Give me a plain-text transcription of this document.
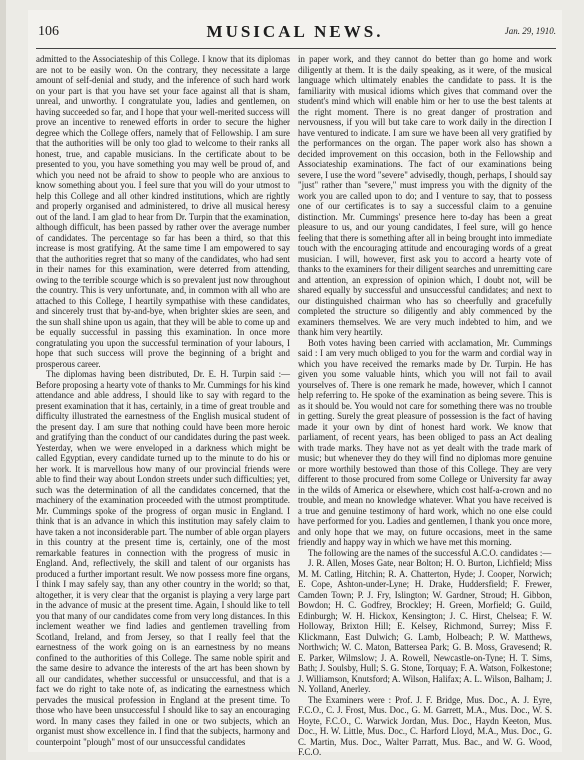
106	MUSICAL NEWS.	Jan. 29, 1910.

admitted to the Associateship of this College. I know that its diplomas are not to be easily won. On the contrary, they necessitate a large amount of self-denial and study, and the inference of such hard work on your part is that you have set your face against all that is sham, unreal, and unworthy. I congratulate you, ladies and gentlemen, on having succeeded so far, and I hope that your well-merited success will prove an incentive to renewed efforts in order to secure the higher degree which the College offers, namely that of Fellowship. I am sure that the authorities will be only too glad to welcome to their ranks all honest, true, and capable musicians. In the certificate about to be presented to you, you have something you may well be proud of, and which you need not be afraid to show to people who are anxious to know something about you. I feel sure that you will do your utmost to help this College and all other kindred institutions, which are rightly and properly organised and administered, to drive all musical heresy out of the land. I am glad to hear from Dr. Turpin that the examination, although difficult, has been passed by rather over the average number of candidates. The percentage so far has been a third, so that this increase is most gratifying. At the same time I am empowered to say that the authorities regret that so many of the candidates, who had sent in their names for this examination, were deterred from attending, owing to the terrible scourge which is so prevalent just now throughout the country. This is very unfortunate, and, in common with all who are attached to this College, I heartily sympathise with these candidates, and sincerely trust that by-and-bye, when brighter skies are seen, and the sun shall shine upon us again, that they will be able to come up and be equally successful in passing this examination. In once more congratulating you upon the successful termination of your labours, I hope that such success will prove the beginning of a bright and prosperous career.

The diplomas having been distributed, Dr. E. H. Turpin said :—Before proposing a hearty vote of thanks to Mr. Cummings for his kind attendance and able address, I should like to say with regard to the present examination that it has, certainly, in a time of great trouble and difficulty illustrated the earnestness of the English musical student of the present day. I am sure that nothing could have been more heroic and gratifying than the conduct of our candidates during the past week. Yesterday, when we were enveloped in a darkness which might be called Egyptian, every candidate turned up to the minute to do his or her work. It is marvellous how many of our provincial friends were able to find their way about London streets under such difficulties; yet, such was the determination of all the candidates concerned, that the machinery of the examination proceeded with the utmost promptitude. Mr. Cummings spoke of the progress of organ music in England. I think that is an advance in which this institution may safely claim to have taken a not inconsiderable part. The number of able organ players in this country at the present time is, certainly, one of the most remarkable features in connection with the progress of music in England. And, reflectively, the skill and talent of our organists has produced a further important result. We now possess more fine organs, I think I may safely say, than any other country in the world; so that, altogether, it is very clear that the organist is playing a very large part in the advance of music at the present time. Again, I should like to tell you that many of our candidates come from very long distances. In this inclement weather we find ladies and gentlemen travelling from Scotland, Ireland, and from Jersey, so that I really feel that the earnestness of the work going on is an earnestness by no means confined to the authorities of this College. The same noble spirit and the same desire to advance the interests of the art has been shown by all our candidates, whether successful or unsuccessful, and that is a fact we do right to take note of, as indicating the earnestness which pervades the musical profession in England at the present time. To those who have been unsuccessful I should like to say an encouraging word. In many cases they failed in one or two subjects, which an organist must show excellence in. I find that the subjects, harmony and counterpoint "plough" most of our unsuccessful candidates

in paper work, and they cannot do better than go home and work diligently at them. It is the daily speaking, as it were, of the musical language which ultimately enables the candidate to pass. It is the familiarity with musical idioms which gives that command over the student's mind which will enable him or her to use the best talents at the right moment. There is no great danger of prostration and nervousness, if you will but take care to work daily in the direction I have ventured to indicate. I am sure we have been all very gratified by the performances on the organ. The paper work also has shown a decided improvement on this occasion, both in the Fellowship and Associateship examinations. The fact of our examinations being severe, I use the word "severe" advisedly, though, perhaps, I should say "just" rather than "severe," must impress you with the dignity of the work you are called upon to do; and I venture to say, that to possess one of our certificates is to say a successful claim to a genuine distinction. Mr. Cummings' presence here to-day has been a great pleasure to us, and our young candidates, I feel sure, will go hence feeling that there is something after all in being brought into immediate touch with the encouraging attitude and encouraging words of a great musician. I will, however, first ask you to accord a hearty vote of thanks to the examiners for their diligent searches and unremitting care and attention, an expression of opinion which, I doubt not, will be shared equally by successful and unsuccessful candidates; and next to our distinguished chairman who has so cheerfully and gracefully completed the structure so diligently and ably commenced by the examiners themselves. We are very much indebted to him, and we thank him very heartily.

Both votes having been carried with acclamation, Mr. Cummings said : I am very much obliged to you for the warm and cordial way in which you have received the remarks made by Dr. Turpin. He has given you some valuable hints, which you will not fail to avail yourselves of. There is one remark he made, however, which I cannot help referring to. He spoke of the examination as being severe. This is as it should be. You would not care for something there was no trouble in getting. Surely the great pleasure of possession is the fact of having made it your own by dint of honest hard work. We know that parliament, of recent years, has been obliged to pass an Act dealing with trade marks. They have not as yet dealt with the trade mark of music; but whenever they do they will find no diplomas more genuine or more worthily bestowed than those of this College. They are very different to those procured from some College or University far away in the wilds of America or elsewhere, which cost half-a-crown and no trouble, and mean no knowledge whatever. What you have received is a true and genuine testimony of hard work, which no one else could have performed for you. Ladies and gentlemen, I thank you once more, and only hope that we may, on future occasions, meet in the same friendly and happy way in which we have met this morning.

The following are the names of the successful A.C.O. candidates :—

J. R. Allen, Moses Gate, near Bolton; H. O. Burton, Lichfield; Miss M. M. Catling, Hitchin; R. A. Chatterton, Hyde; J. Cooper, Norwich; E. Cope, Ashton-under-Lyne; H. Drake, Huddersfield; F. Frewer, Camden Town; P. J. Fry, Islington; W. Gardner, Stroud; H. Gibbon, Bowdon; H. C. Godfrey, Brockley; H. Green, Morfield; G. Guild, Edinburgh; W. H. Hickox, Kensington; J. C. Hirst, Chelsea; F. W. Holloway, Brixton Hill; E. Kelsey, Richmond, Surrey; Miss F. Klickmann, East Dulwich; G. Lamb, Holbeach; P. W. Matthews, Northwich; W. C. Maton, Battersea Park; G. B. Moss, Gravesend; R. E. Parker, Wilmslow; J. A. Rowell, Newcastle-on-Tyne; H. T. Sims, Bath; J. Soulsby, Hull; S. G. Stone, Torquay; F. A. Watson, Folkestone; J. Williamson, Knutsford; A. Wilson, Halifax; A. L. Wilson, Balham; J. N. Yolland, Anerley.

The Examiners were : Prof. J. F. Bridge, Mus. Doc., A. J. Eyre, F.C.O., C. J. Frost, Mus. Doc., G. M. Garrett, M.A., Mus. Doc., W. S. Hoyte, F.C.O., C. Warwick Jordan, Mus. Doc., Haydn Keeton, Mus. Doc., H. W. Little, Mus. Doc., C. Harford Lloyd, M.A., Mus. Doc., G. C. Martin, Mus. Doc., Walter Parratt, Mus. Bac., and W. G. Wood, F.C.O.
